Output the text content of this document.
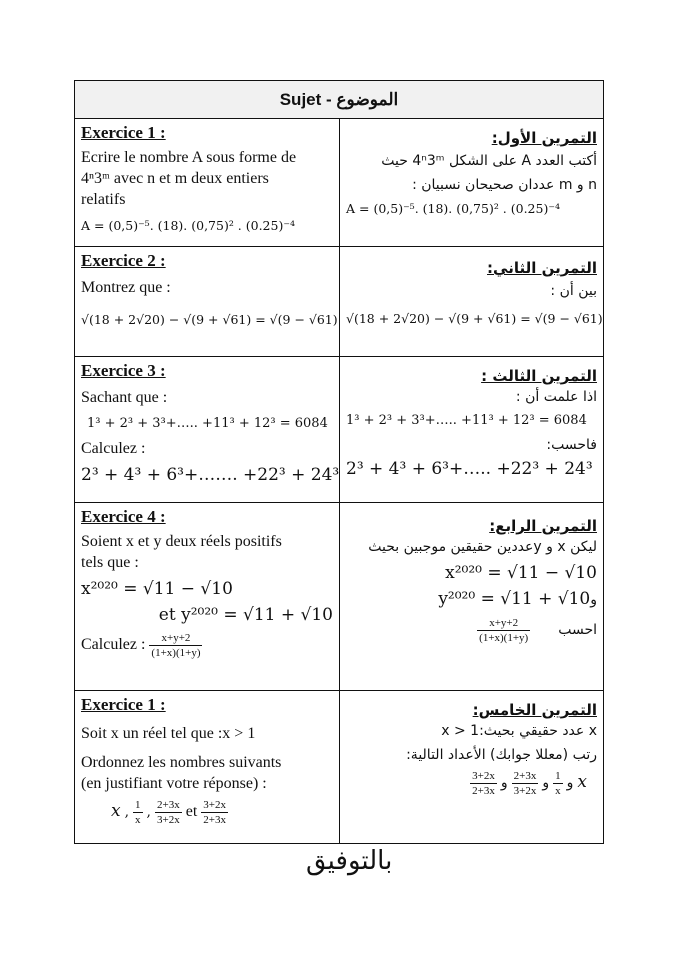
Sujet - الموضوع
Exercice 1 :
Ecrire le nombre A sous forme de
4ⁿ3ᵐ avec n et m deux entiers
relatifs
A = (0,5)⁻⁵. (18). (0,75)² . (0.25)⁻⁴
التمرين الأول:
أكتب العدد A على الشكل 4ⁿ3ᵐ حيث
n و m عددان صحيحان نسبيان :
A = (0,5)⁻⁵. (18). (0,75)² . (0.25)⁻⁴
Exercice 2 :
Montrez que :
√(18 + 2√20) − √(9 + √61) = √(9 − √61)
التمرين الثاني:
بين أن :
√(18 + 2√20) − √(9 + √61) = √(9 − √61)
Exercice 3 :
Sachant que :
1³ + 2³ + 3³+….. +11³ + 12³ = 6084
Calculez :
2³ + 4³ + 6³+……. +22³ + 24³
التمرين الثالث :
اذا علمت أن :
1³ + 2³ + 3³+….. +11³ + 12³ = 6084
فاحسب:
2³ + 4³ + 6³+….. +22³ + 24³
Exercice 4 :
Soient x et y deux réels positifs
tels que :
x²⁰²⁰ = √11 − √10
et y²⁰²⁰ = √11 + √10
Calculez : $\frac{x+y+2}{(1+x)(1+y)}$
التمرين الرابع:
ليكن x و yعددين حقيقين موجبين بحيث
x²⁰²⁰ = √11 − √10
وy²⁰²⁰ = √11 + √10
احسب
$\frac{x+y+2}{(1+x)(1+y)}$
Exercice 1 :
Soit x un réel tel que :x > 1
Ordonnez les nombres suivants
(en justifiant votre réponse) :
x , $\frac{1}{x}$ , $\frac{2+3x}{3+2x}$ et $\frac{3+2x}{2+3x}$
التمرين الخامس:
x عدد حقيقي بحيث:x > 1
رتب (معللا جوابك) الأعداد التالية:
x و
$\frac{1}{x}$
و
$\frac{2+3x}{3+2x}$
و
$\frac{3+2x}{2+3x}$
بالتوفيق
